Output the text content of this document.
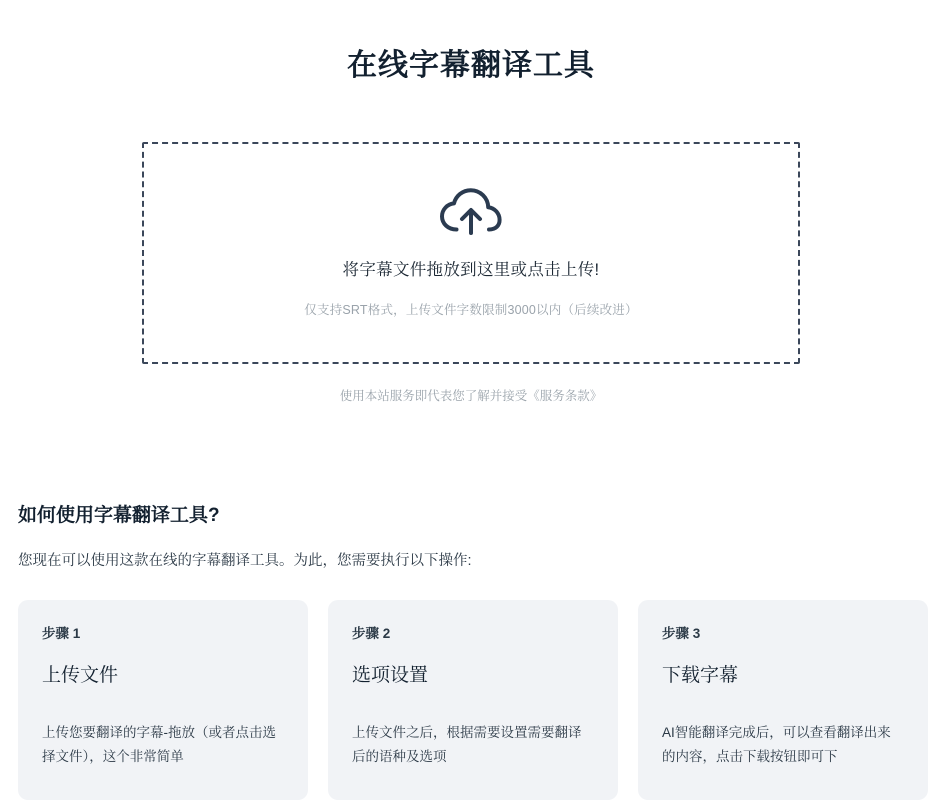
在线字幕翻译工具
将字幕文件拖放到这里或点击上传!
仅支持SRT格式，上传文件字数限制3000以内（后续改进）
使用本站服务即代表您了解并接受《服务条款》
如何使用字幕翻译工具?

您现在可以使用这款在线的字幕翻译工具。为此，您需要执行以下操作:

步骤 1
上传文件
上传您要翻译的字幕-拖放（或者点击选择文件），这个非常简单
步骤 2
选项设置
上传文件之后，根据需要设置需要翻译后的语种及选项
步骤 3
下载字幕
AI智能翻译完成后，可以查看翻译出来的内容，点击下载按钮即可下
